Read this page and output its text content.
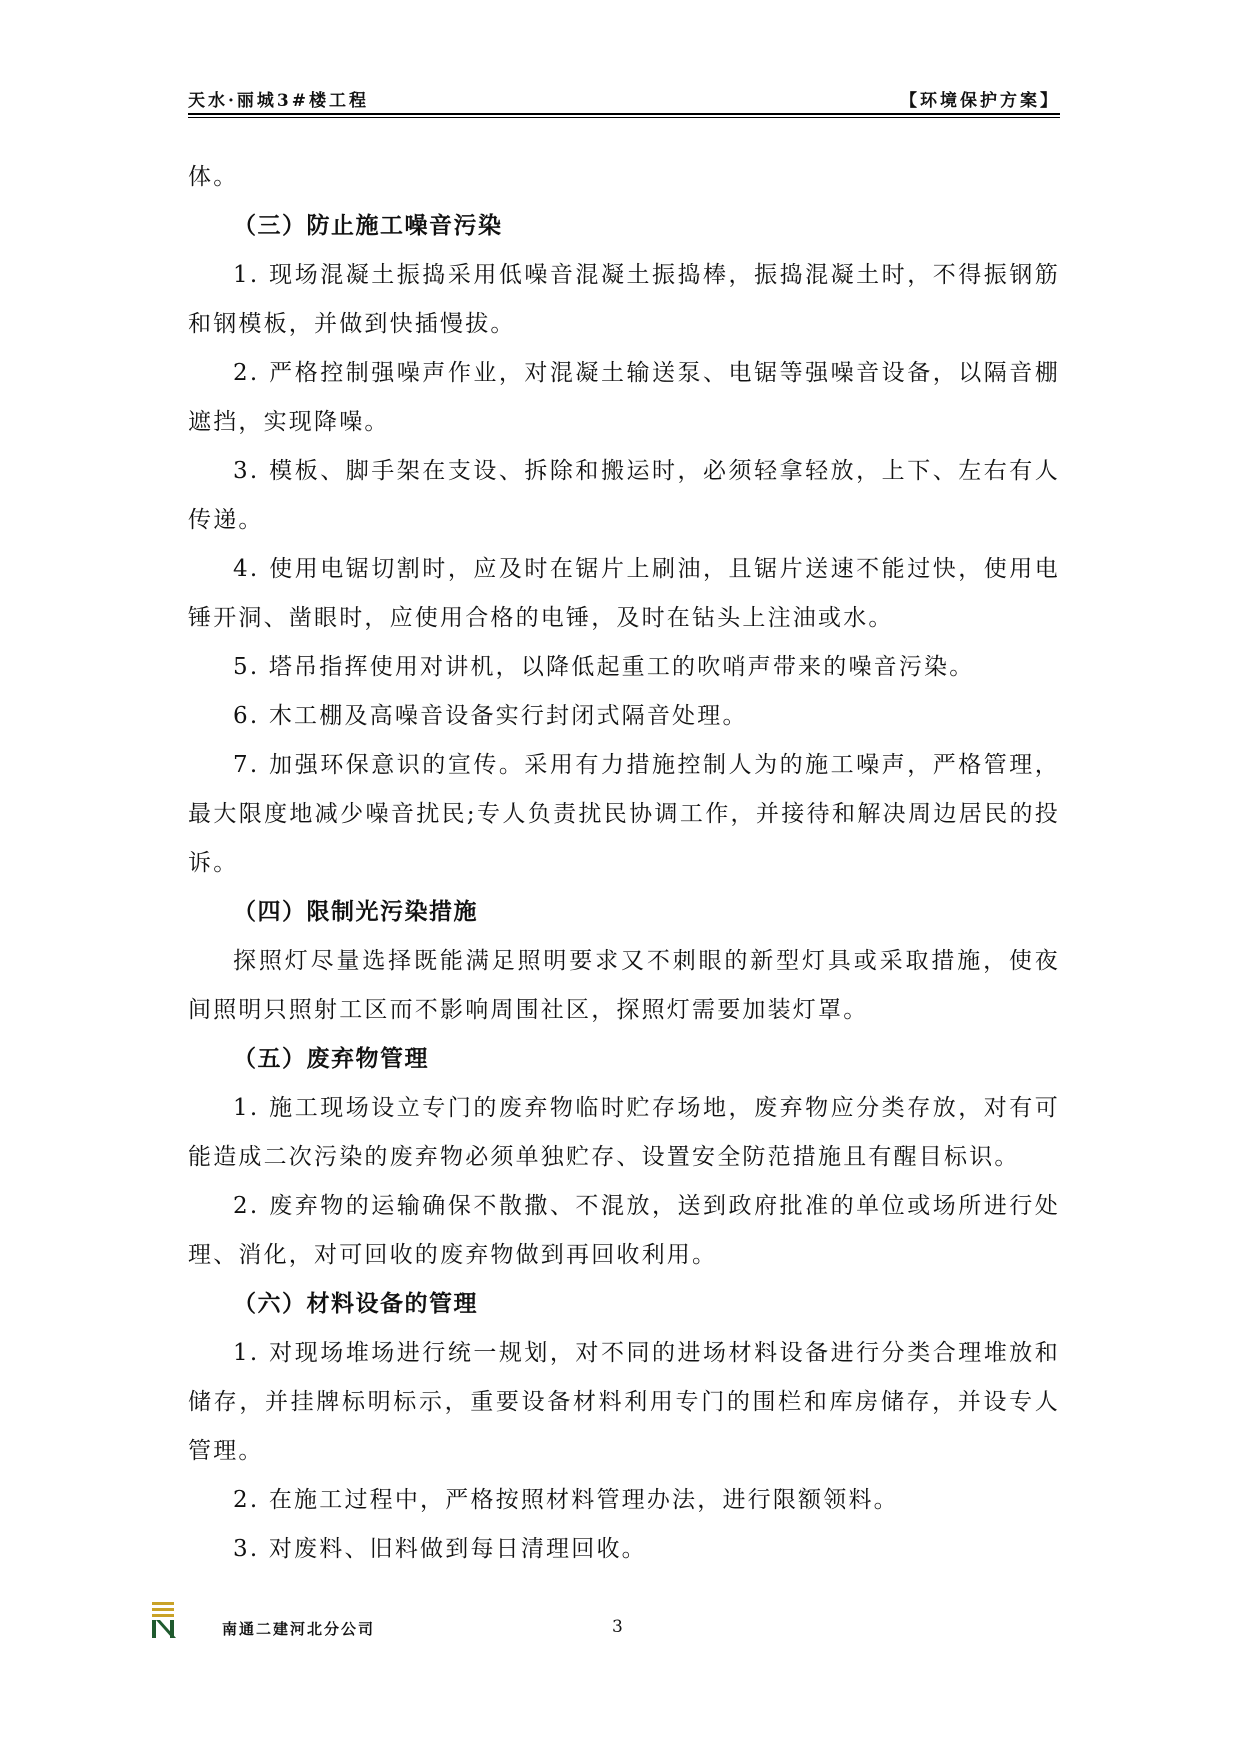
天水·丽城3#楼工程	【环境保护方案】

体。

（三）防止施工噪音污染

1. 现场混凝土振捣采用低噪音混凝土振捣棒，振捣混凝土时，不得振钢筋和钢模板，并做到快插慢拔。

2. 严格控制强噪声作业，对混凝土输送泵、电锯等强噪音设备，以隔音棚遮挡，实现降噪。

3. 模板、脚手架在支设、拆除和搬运时，必须轻拿轻放，上下、左右有人传递。

4. 使用电锯切割时，应及时在锯片上刷油，且锯片送速不能过快，使用电锤开洞、凿眼时，应使用合格的电锤，及时在钻头上注油或水。

5. 塔吊指挥使用对讲机，以降低起重工的吹哨声带来的噪音污染。

6. 木工棚及高噪音设备实行封闭式隔音处理。

7. 加强环保意识的宣传。采用有力措施控制人为的施工噪声，严格管理，最大限度地减少噪音扰民;专人负责扰民协调工作，并接待和解决周边居民的投诉。

（四）限制光污染措施

探照灯尽量选择既能满足照明要求又不刺眼的新型灯具或采取措施，使夜间照明只照射工区而不影响周围社区，探照灯需要加装灯罩。

（五）废弃物管理

1. 施工现场设立专门的废弃物临时贮存场地，废弃物应分类存放，对有可能造成二次污染的废弃物必须单独贮存、设置安全防范措施且有醒目标识。

2. 废弃物的运输确保不散撒、不混放，送到政府批准的单位或场所进行处理、消化，对可回收的废弃物做到再回收利用。

（六）材料设备的管理

1. 对现场堆场进行统一规划，对不同的进场材料设备进行分类合理堆放和储存，并挂牌标明标示，重要设备材料利用专门的围栏和库房储存，并设专人管理。

2. 在施工过程中，严格按照材料管理办法，进行限额领料。

3. 对废料、旧料做到每日清理回收。

南通二建河北分公司	3
